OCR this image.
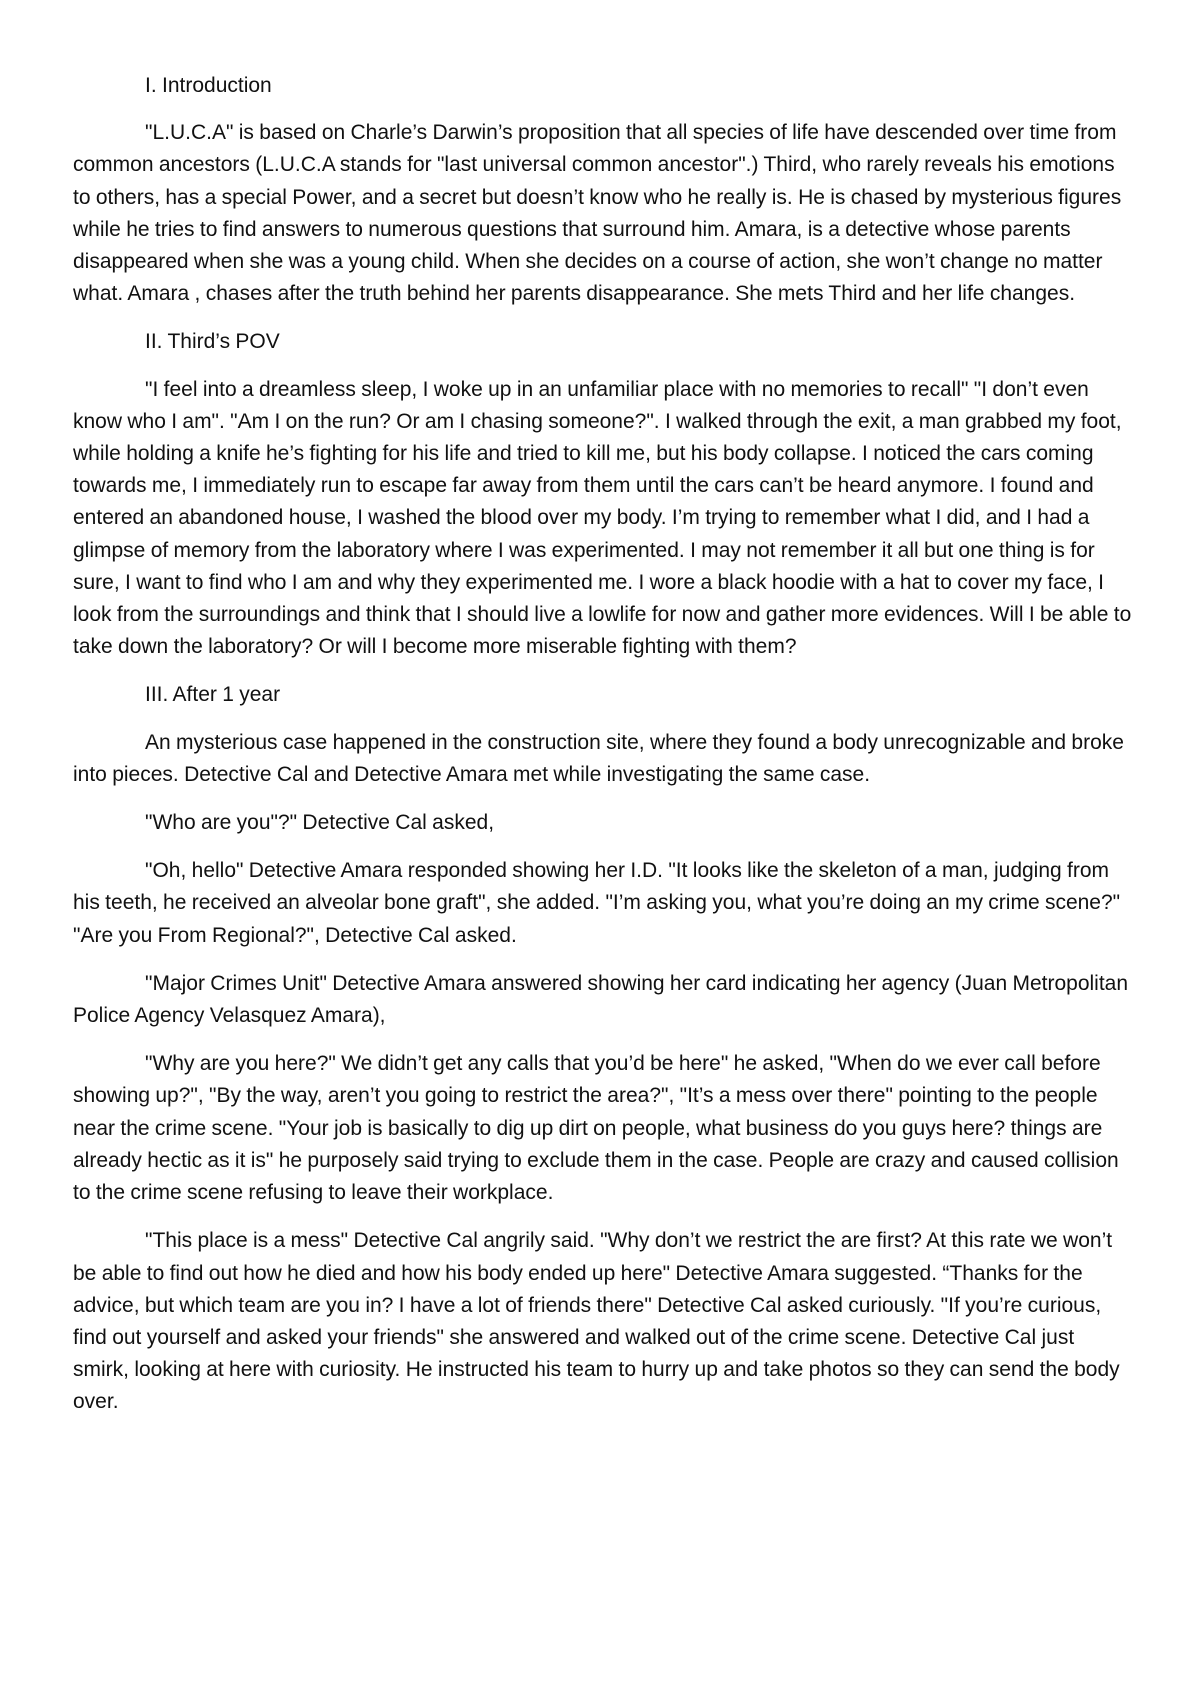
I. Introduction

"L.U.C.A" is based on Charle’s Darwin’s proposition that all species of life have descended over time from common ancestors (L.U.C.A stands for "last universal common ancestor".) Third, who rarely reveals his emotions to others, has a special Power, and a secret but doesn’t know who he really is. He is chased by mysterious figures while he tries to find answers to numerous questions that surround him. Amara, is a detective whose parents disappeared when she was a young child. When she decides on a course of action, she won’t change no matter what. Amara , chases after the truth behind her parents disappearance. She mets Third and her life changes.

II. Third’s POV

"I feel into a dreamless sleep, I woke up in an unfamiliar place with no memories to recall" "I don’t even know who I am". "Am I on the run? Or am I chasing someone?". I walked through the exit, a man grabbed my foot, while holding a knife he’s fighting for his life and tried to kill me, but his body collapse. I noticed the cars coming towards me, I immediately run to escape far away from them until the cars can’t be heard anymore. I found and entered an abandoned house, I washed the blood over my body. I’m trying to remember what I did, and I had a glimpse of memory from the laboratory where I was experimented. I may not remember it all but one thing is for sure, I want to find who I am and why they experimented me. I wore a black hoodie with a hat to cover my face, I look from the surroundings and think that I should live a lowlife for now and gather more evidences. Will I be able to take down the laboratory? Or will I become more miserable fighting with them?

III. After 1 year

An mysterious case happened in the construction site, where they found a body unrecognizable and broke into pieces. Detective Cal and Detective Amara met while investigating the same case.

"Who are you"?" Detective Cal asked,

"Oh, hello" Detective Amara responded showing her I.D. "It looks like the skeleton of a man, judging from his teeth, he received an alveolar bone graft", she added. "I’m asking you, what you’re doing an my crime scene?" "Are you From Regional?", Detective Cal asked.

"Major Crimes Unit" Detective Amara answered showing her card indicating her agency (Juan Metropolitan Police Agency Velasquez Amara),

"Why are you here?" We didn’t get any calls that you’d be here" he asked, "When do we ever call before showing up?", "By the way, aren’t you going to restrict the area?", "It’s a mess over there" pointing to the people near the crime scene. "Your job is basically to dig up dirt on people, what business do you guys here? things are already hectic as it is" he purposely said trying to exclude them in the case. People are crazy and caused collision to the crime scene refusing to leave their workplace.

"This place is a mess" Detective Cal angrily said. "Why don’t we restrict the are first? At this rate we won’t be able to find out how he died and how his body ended up here" Detective Amara suggested. “Thanks for the advice, but which team are you in? I have a lot of friends there" Detective Cal asked curiously. "If you’re curious, find out yourself and asked your friends" she answered and walked out of the crime scene. Detective Cal just smirk, looking at here with curiosity. He instructed his team to hurry up and take photos so they can send the body over.
